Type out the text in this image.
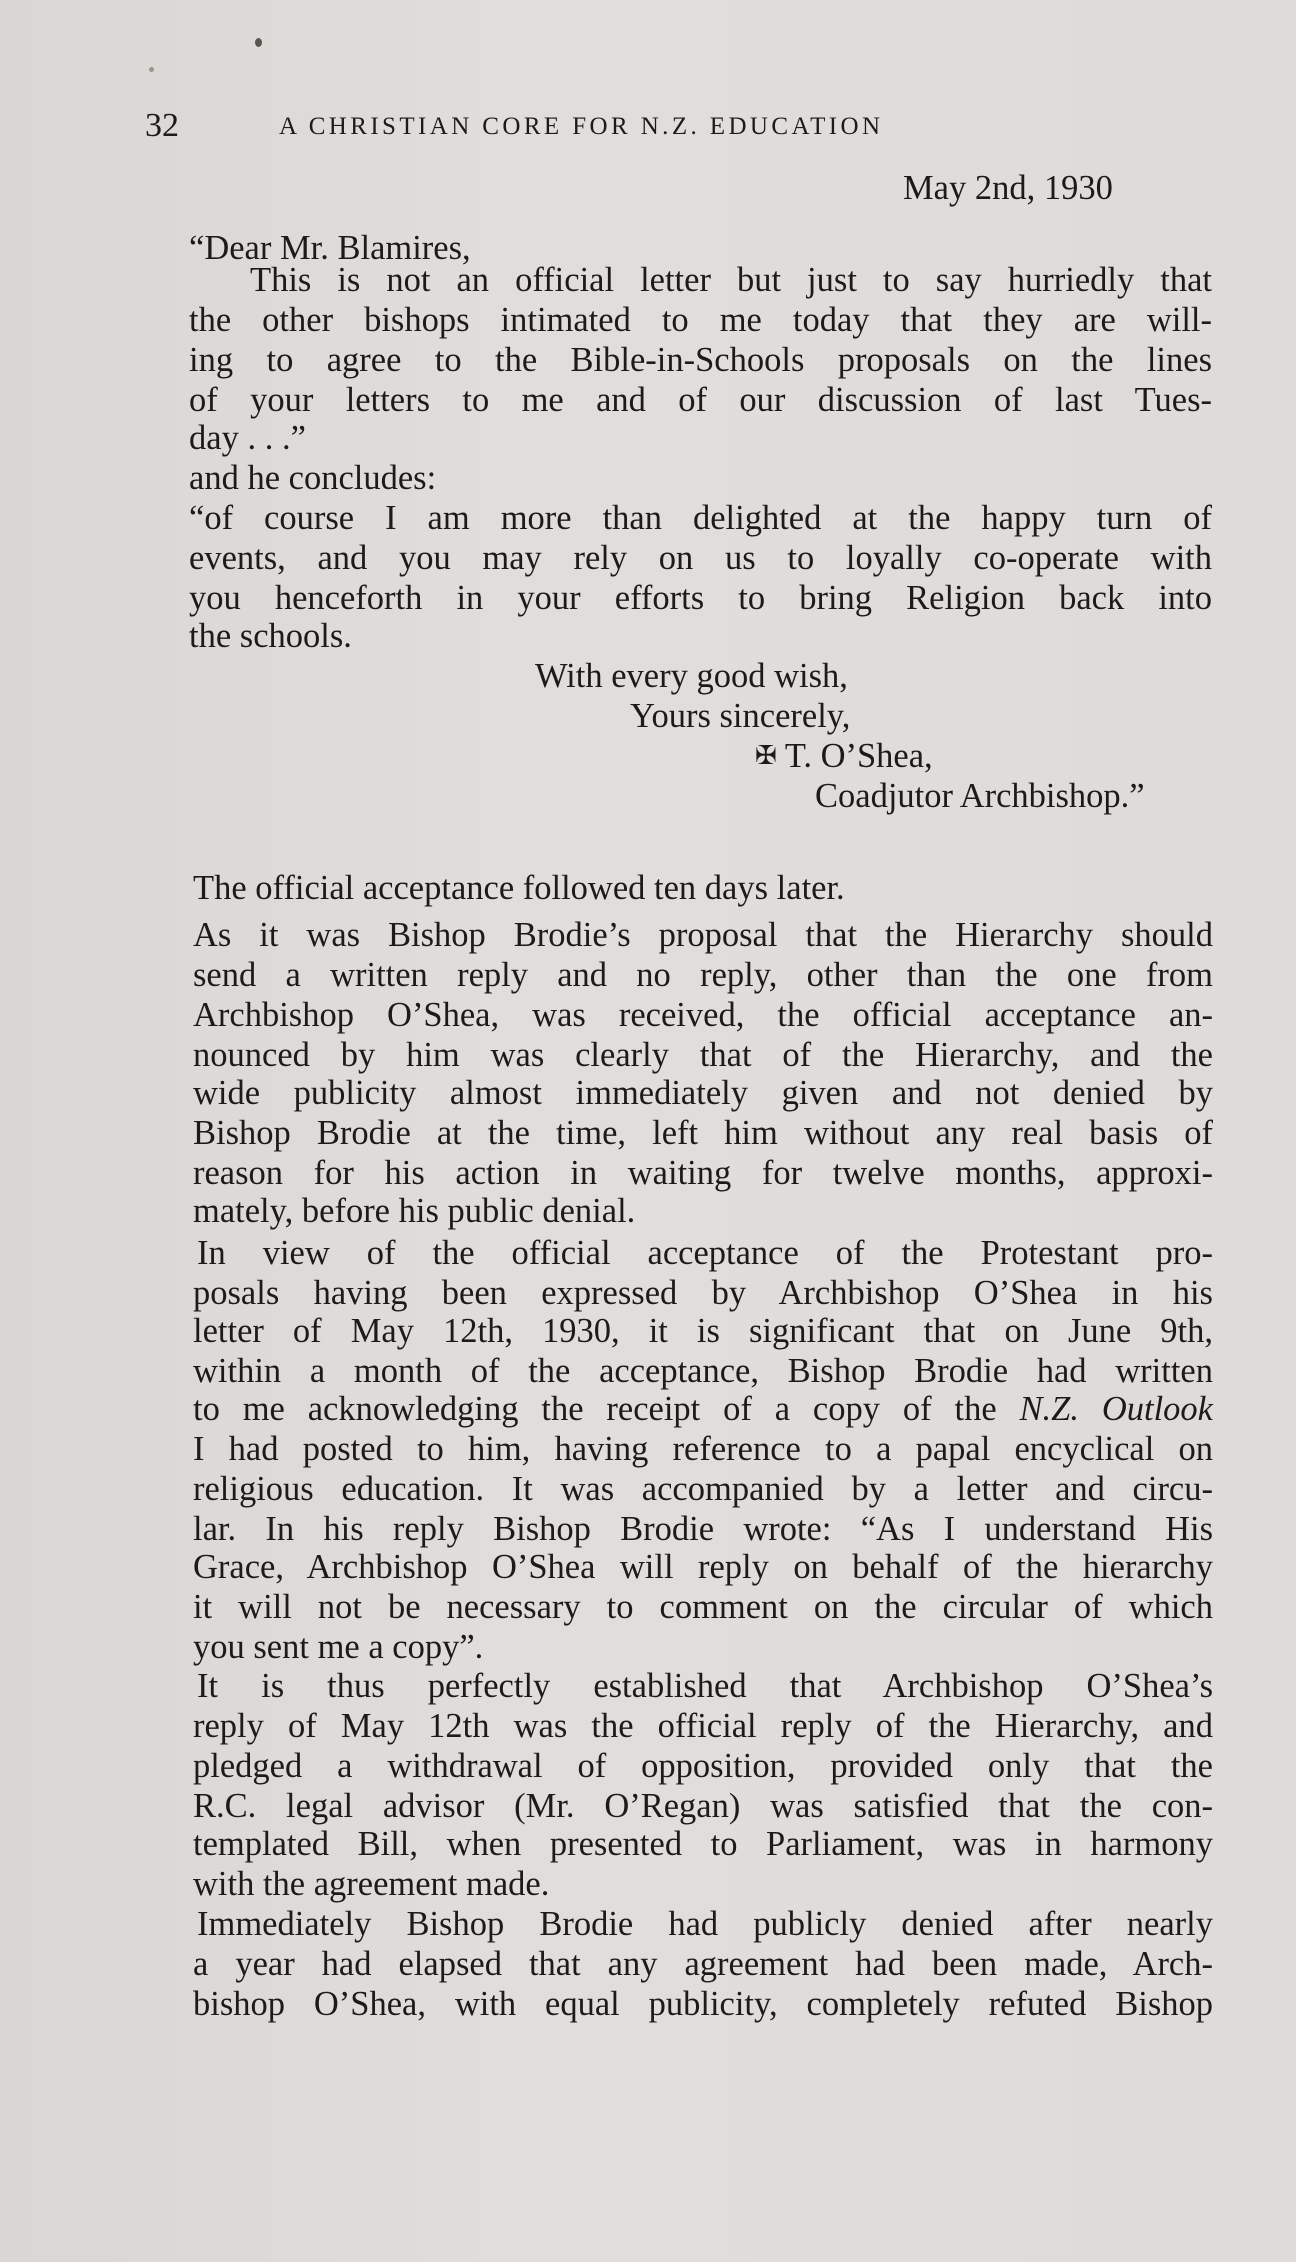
32	A CHRISTIAN CORE FOR N.Z. EDUCATION
May 2nd, 1930
“Dear Mr. Blamires,
This is not an official letter but just to say hurriedly that
the other bishops intimated to me today that they are will-
ing to agree to the Bible-in-Schools proposals on the lines
of your letters to me and of our discussion of last Tues-
day . . .”
and he concludes:
“of course I am more than delighted at the happy turn of
events, and you may rely on us to loyally co-operate with
you henceforth in your efforts to bring Religion back into
the schools.
With every good wish,
Yours sincerely,
✠ T. O’Shea,
Coadjutor Archbishop.”
The official acceptance followed ten days later.
As it was Bishop Brodie’s proposal that the Hierarchy should
send a written reply and no reply, other than the one from
Archbishop O’Shea, was received, the official acceptance an-
nounced by him was clearly that of the Hierarchy, and the
wide publicity almost immediately given and not denied by
Bishop Brodie at the time, left him without any real basis of
reason for his action in waiting for twelve months, approxi-
mately, before his public denial.
In view of the official acceptance of the Protestant pro-
posals having been expressed by Archbishop O’Shea in his
letter of May 12th, 1930, it is significant that on June 9th,
within a month of the acceptance, Bishop Brodie had written
to me acknowledging the receipt of a copy of the N.Z. Outlook
I had posted to him, having reference to a papal encyclical on
religious education. It was accompanied by a letter and circu-
lar. In his reply Bishop Brodie wrote: “As I understand His
Grace, Archbishop O’Shea will reply on behalf of the hierarchy
it will not be necessary to comment on the circular of which
you sent me a copy”.
It is thus perfectly established that Archbishop O’Shea’s
reply of May 12th was the official reply of the Hierarchy, and
pledged a withdrawal of opposition, provided only that the
R.C. legal advisor (Mr. O’Regan) was satisfied that the con-
templated Bill, when presented to Parliament, was in harmony
with the agreement made.
Immediately Bishop Brodie had publicly denied after nearly
a year had elapsed that any agreement had been made, Arch-
bishop O’Shea, with equal publicity, completely refuted Bishop
